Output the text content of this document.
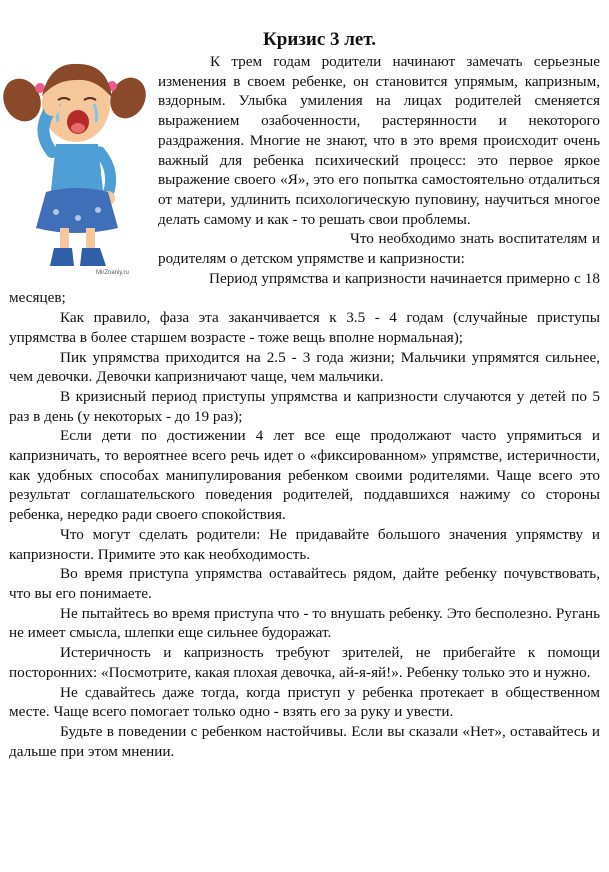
Кризис 3 лет.
MirZnaniy.ru

К трем годам родители начинают замечать серьезные изменения в своем ребенке, он становится упрямым, капризным, вздорным. Улыбка умиления на лицах родителей сменяется выражением озабоченности, растерянности и некоторого раздражения. Многие не знают, что в это время происходит очень важный для ребенка психический процесс: это первое яркое выражение своего «Я», это его попытка самостоятельно отдалиться от матери, удлинить психологическую пуповину, научиться многое делать самому и как - то решать свои проблемы.

Что необходимо знать воспитателям и родителям о детском упрямстве и капризности:

Период упрямства и капризности начинается примерно с 18 месяцев;

Как правило, фаза эта заканчивается к 3.5 - 4 годам (случайные приступы упрямства в более старшем возрасте - тоже вещь вполне нормальная);

Пик упрямства приходится на 2.5 - 3 года жизни; Мальчики упрямятся сильнее, чем девочки. Девочки капризничают чаще, чем мальчики.

В кризисный период приступы упрямства и капризности случаются у детей по 5 раз в день (у некоторых - до 19 раз);

Если дети по достижении 4 лет все еще продолжают часто упрямиться и капризничать, то вероятнее всего речь идет о «фиксированном» упрямстве, истеричности, как удобных способах манипулирования ребенком своими родителями. Чаще всего это результат соглашательского поведения родителей, поддавшихся нажиму со стороны ребенка, нередко ради своего спокойствия.

Что могут сделать родители: Не придавайте большого значения упрямству и капризности. Примите это как необходимость.

Во время приступа упрямства оставайтесь рядом, дайте ребенку почувствовать, что вы его понимаете.

Не пытайтесь во время приступа что - то внушать ребенку. Это бесполезно. Ругань не имеет смысла, шлепки еще сильнее будоражат.

Истеричность и капризность требуют зрителей, не прибегайте к помощи посторонних: «Посмотрите, какая плохая девочка, ай-я-яй!». Ребенку только это и нужно.

Не сдавайтесь даже тогда, когда приступ у ребенка протекает в общественном месте. Чаще всего помогает только одно - взять его за руку и увести.

Будьте в поведении с ребенком настойчивы. Если вы сказали «Нет», оставайтесь и дальше при этом мнении.
